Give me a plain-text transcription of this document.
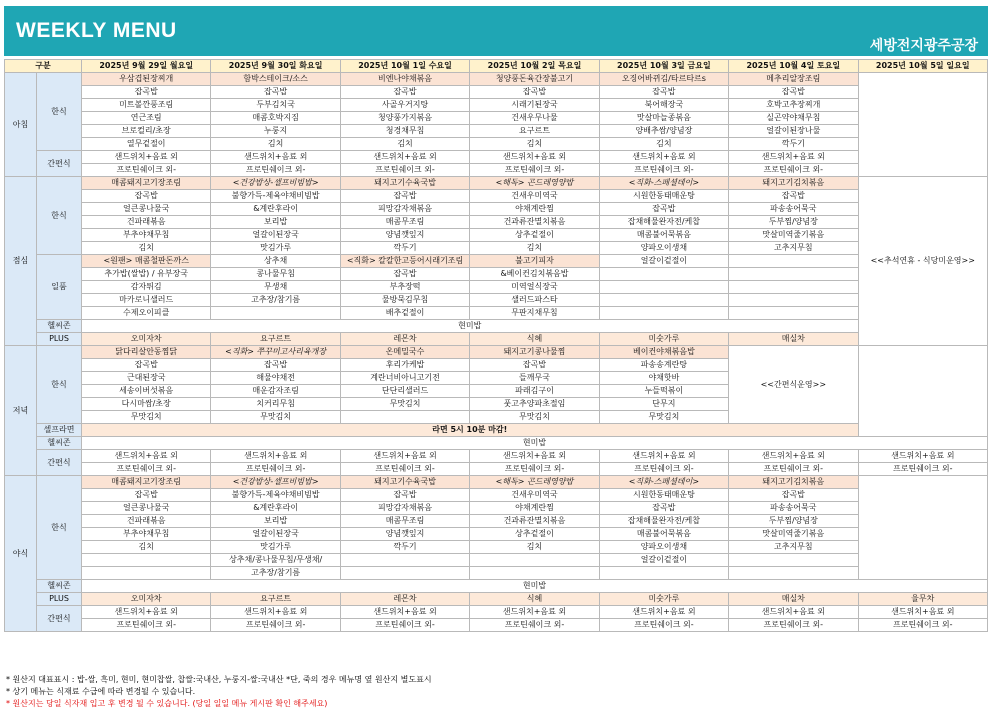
WEEKLY MENU
세방전지광주공장
구분		2025년 9월 29일 월요일	2025년 9월 30일 화요일	2025년 10월 1일 수요일	2025년 10월 2일 목요일	2025년 10월 3일 금요일	2025년 10월 4일 토요일	2025년 10월 5일 일요일
아침	한식	우삼겹된장찌개	함박스테이크/소스	비엔나야채볶음	청양풍돈육간장불고기	오징어바뀌김/타르타르s	메추리알장조림	
		잡곡밥	잡곡밥	잡곡밥	잡곡밥	잡곡밥	잡곡밥	
		미트볼깐풍조림	두부김치국	사골우거지탕	시래기된장국	북어해장국	호박고추장찌개	
		연근조림	매콤호박지짐	청양풍가지볶음	건새우무나물	맛살마늘종볶음	실곤약야채무침	
		브로컬리/초장	누룽지	청경채무침	요구르트	양배추쌈/양념장	얼갈이된장나물	
		열무겉절이	김치	김치	김치	김치	깍두기	
	간편식	샌드위치+음료 외	샌드위치+음료 외	샌드위치+음료 외	샌드위치+음료 외	샌드위치+음료 외	샌드위치+음료 외	
		프로틴쉐이크 외-	프로틴쉐이크 외-	프로틴쉐이크 외-	프로틴쉐이크 외-	프로틴쉐이크 외-	프로틴쉐이크 외-	
점심	한식	매콤돼지고기장조림	<건강밥상-셀프비빔밥>	돼지고기수육국밥	<해독> 곤드레영양밥	<직화-스페셜데이>	돼지고기김치볶음	<<추석연휴 - 식당미운영>>
		잡곡밥	불향가득-제육야채비빔밥	잡곡밥	건새우미역국	시원한동태매운탕	잡곡밥	
		얼큰콩나물국	&계란후라이	피망감자채볶음	야채계란찜	잡곡밥	파송송어묵국	
		건파래볶음	보리밥	매콤무조림	건과류잔멸치볶음	잡채해물완자전/케찹	두부찜/양념장	
		부추야채무침	얼갈이된장국	양념깻잎지	상추겉절이	매콤불어묵볶음	맛살미역줄기볶음	
		김치	맛김가루	깍두기	김치	양파오이생채	고추지무침	
	일품	<원팬> 매콤철판돈까스	상추채	<직화> 칼칼한고등어시래기조림	불고기피자	얼갈이겉절이		
		추가밥(쌀밥) / 유부장국	콩나물무침	잡곡밥	&베이컨김치볶음밥			
		감자튀김	무생채	부추장떡	미역얼식장국			
		마카로니샐러드	고추장/참기름	물방묵김무침	샐러드파스타			
		수제오이피클		배추겉절이	무판지채무침			
	헬씨존	현미밥						
	PLUS	오미자차	요구르트	레몬차	식혜	미숫가루	매실차	
저녁	한식	닭다리살안동찜닭	<직화> 쭈꾸미고사리육개장	온메밀국수	돼지고기콩나물찜	베이컨야채볶음밥	<<간편식운영>>	
		잡곡밥	잡곡밥	후리가케밥	잡곡밥	파송송계란탕		
		근대된장국	해물야채전	계란너비아니고기전	들깨무국	야채핫바		
		세송이버섯볶음	매운감자조림	단단리샐러드	파래김구이	누들떡볶이		
		다시마쌈/초장	치커리무침	무맛김치	풋고추양파초절임	단무지		
		무맛김치	무맛김치		무맛김치	무맛김치		
	셀프라면	라면 5시 10분 마감!						
	헬씨존	현미밥						
	간편식	샌드위치+음료 외	샌드위치+음료 외	샌드위치+음료 외	샌드위치+음료 외	샌드위치+음료 외	샌드위치+음료 외	샌드위치+음료 외
		프로틴쉐이크 외-	프로틴쉐이크 외-	프로틴쉐이크 외-	프로틴쉐이크 외-	프로틴쉐이크 외-	프로틴쉐이크 외-	프로틴쉐이크 외-
야식	한식	매콤돼지고기장조림	<건강밥상-셀프비빔밥>	돼지고기수육국밥	<해독> 곤드레영양밥	<직화-스페셜데이>	돼지고기김치볶음	
		잡곡밥	불향가득-제육야채비빔밥	잡곡밥	건새우미역국	시원한동태매운탕	잡곡밥	
		얼큰콩나물국	&계란후라이	피망감자채볶음	야채계란찜	잡곡밥	파송송어묵국	
		건파래볶음	보리밥	매콤무조림	건과류잔멸치볶음	잡채해물완자전/케찹	두부찜/양념장	
		부추야채무침	얼갈이된장국	양념깻잎지	상추겉절이	매콤불어묵볶음	맛살미역줄기볶음	
		김치	맛김가루	깍두기	김치	양파오이생채	고추지무침	
			상추채/콩나물무침/무생채/			얼갈이겉절이		
			고추장/참기름					
	헬씨존	현미밥						
	PLUS	오미자차	요구르트	레몬차	식혜	미숫가루	매실차	율무차
	간편식	샌드위치+음료 외	샌드위치+음료 외	샌드위치+음료 외	샌드위치+음료 외	샌드위치+음료 외	샌드위치+음료 외	샌드위치+음료 외
		프로틴쉐이크 외-	프로틴쉐이크 외-	프로틴쉐이크 외-	프로틴쉐이크 외-	프로틴쉐이크 외-	프로틴쉐이크 외-	프로틴쉐이크 외-
* 원산지 대표표시 : 밥-쌀, 흑미, 현미, 현미찹쌀, 찹쌀:국내산, 누룽지-쌀:국내산 *단, 죽의 경우 메뉴명 옆 원산지 별도표시
* 상기 메뉴는 식재료 수급에 따라 변경될 수 있습니다.
* 원산지는 당일 식자재 입고 후 변경 될 수 있습니다. (당일 일일 메뉴 게시판 확인 해주세요)
